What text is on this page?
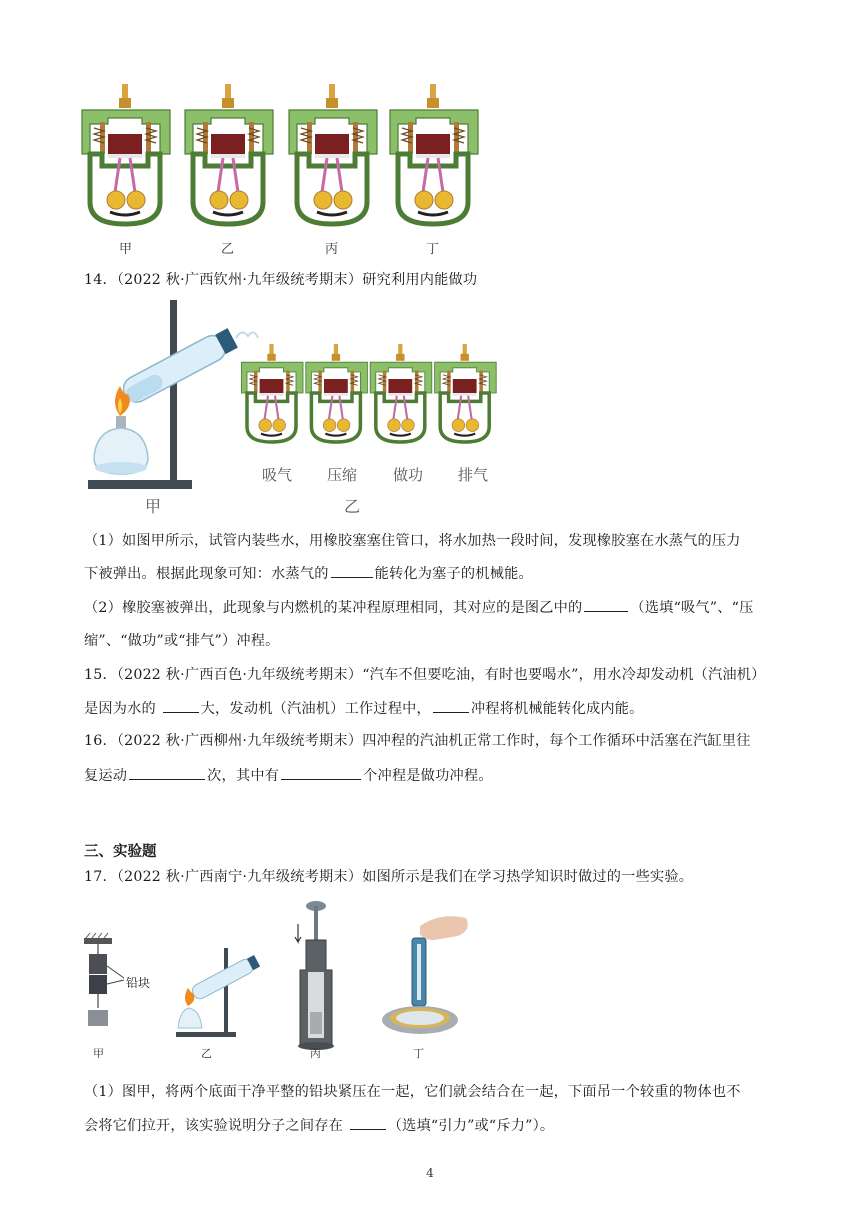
甲	乙	丙	丁
14．（2022 秋·广西钦州·九年级统考期末）研究利用内能做功
吸气 压缩 做功 排气
甲	乙
（1）如图甲所示，试管内装些水，用橡胶塞塞住管口，将水加热一段时间，发现橡胶塞在水蒸气的压力
下被弹出。根据此现象可知：水蒸气的	能转化为塞子的机械能。
（2）橡胶塞被弹出，此现象与内燃机的某冲程原理相同，其对应的是图乙中的	（选填“吸气”、“压
缩”、“做功”或“排气”）冲程。
15．（2022 秋·广西百色·九年级统考期末）“汽车不但要吃油，有时也要喝水”，用水冷却发动机（汽油机）
是因为水的	大，发动机（汽油机）工作过程中，	冲程将机械能转化成内能。
16．（2022 秋·广西柳州·九年级统考期末）四冲程的汽油机正常工作时，每个工作循环中活塞在汽缸里往
复运动	次，其中有	个冲程是做功冲程。
三、实验题
17．（2022 秋·广西南宁·九年级统考期末）如图所示是我们在学习热学知识时做过的一些实验。
铅块
甲	乙	丙	丁
（1）图甲，将两个底面干净平整的铅块紧压在一起，它们就会结合在一起，下面吊一个较重的物体也不
会将它们拉开，该实验说明分子之间存在	（选填“引力”或“斥力”）。
4
